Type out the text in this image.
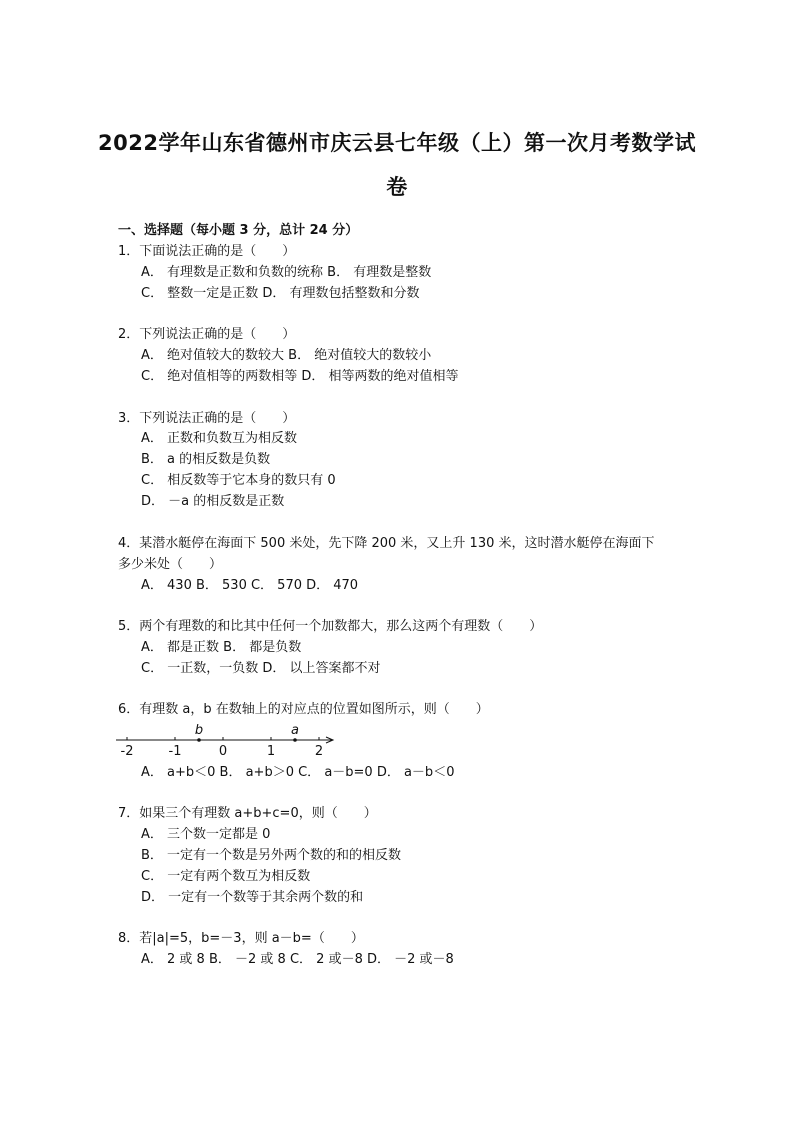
2022学年山东省德州市庆云县七年级（上）第一次月考数学试
卷
一、选择题（每小题 3 分，总计 24 分）
1．下面说法正确的是（　　）
A． 有理数是正数和负数的统称 B． 有理数是整数
C． 整数一定是正数 D． 有理数包括整数和分数
2．下列说法正确的是（　　）
A． 绝对值较大的数较大 B． 绝对值较大的数较小
C． 绝对值相等的两数相等 D． 相等两数的绝对值相等
3．下列说法正确的是（　　）
A． 正数和负数互为相反数
B． a 的相反数是负数
C． 相反数等于它本身的数只有 0
D． －a 的相反数是正数
4．某潜水艇停在海面下 500 米处，先下降 200 米，又上升 130 米，这时潜水艇停在海面下
多少米处（　　）
A． 430 B． 530 C． 570 D． 470
5．两个有理数的和比其中任何一个加数都大，那么这两个有理数（　　）
A． 都是正数 B． 都是负数
C． 一正数，一负数 D． 以上答案都不对
6．有理数 a，b 在数轴上的对应点的位置如图所示，则（　　）
-2	-1	0	1	2
b	a
A． a+b＜0 B． a+b＞0 C． a－b=0 D． a－b＜0
7．如果三个有理数 a+b+c=0，则（　　）
A． 三个数一定都是 0
B． 一定有一个数是另外两个数的和的相反数
C． 一定有两个数互为相反数
D． 一定有一个数等于其余两个数的和
8．若|a|=5，b=－3，则 a－b=（　　）
A． 2 或 8 B． －2 或 8 C． 2 或－8 D． －2 或－8
